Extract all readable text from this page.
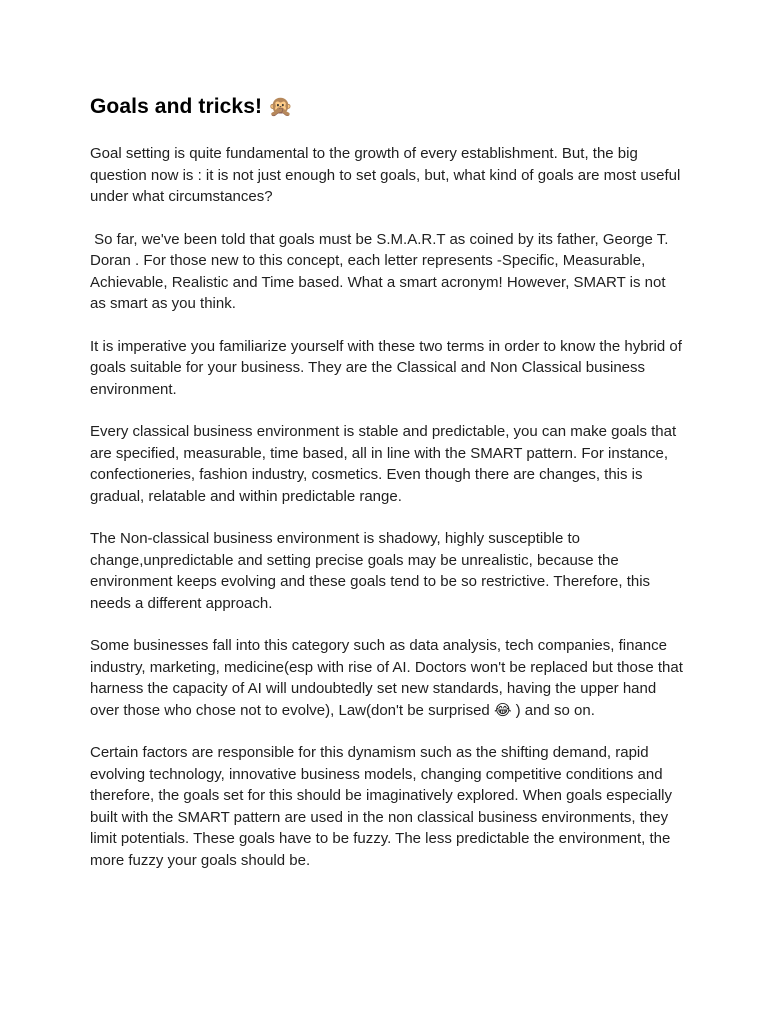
Goals and tricks! 🙊

Goal setting is quite fundamental to the growth of every establishment. But, the big question now is : it is not just enough to set goals, but, what kind of goals are most useful under what circumstances?

So far, we've been told that goals must be S.M.A.R.T as coined by its father, George T. Doran . For those new to this concept, each letter represents -Specific, Measurable, Achievable, Realistic and Time based. What a smart acronym! However, SMART is not as smart as you think.

It is imperative you familiarize yourself with these two terms in order to know the hybrid of goals suitable for your business. They are the Classical and Non Classical business environment.

Every classical business environment is stable and predictable, you can make goals that are specified, measurable, time based, all in line with the SMART pattern. For instance, confectioneries, fashion industry, cosmetics. Even though there are changes, this is gradual, relatable and within predictable range.

The Non-classical business environment is shadowy, highly susceptible to change,unpredictable and setting precise goals may be unrealistic, because the environment keeps evolving and these goals tend to be so restrictive. Therefore, this needs a different approach.

Some businesses fall into this category such as data analysis, tech companies, finance industry, marketing, medicine(esp with rise of AI. Doctors won't be replaced but those that harness the capacity of AI will undoubtedly set new standards, having the upper hand over those who chose not to evolve), Law(don't be surprised 😂 ) and so on.

Certain factors are responsible for this dynamism such as the shifting demand, rapid evolving technology, innovative business models, changing competitive conditions and therefore, the goals set for this should be imaginatively explored. When goals especially built with the SMART pattern are used in the non classical business environments, they limit potentials. These goals have to be fuzzy. The less predictable the environment, the more fuzzy your goals should be.
